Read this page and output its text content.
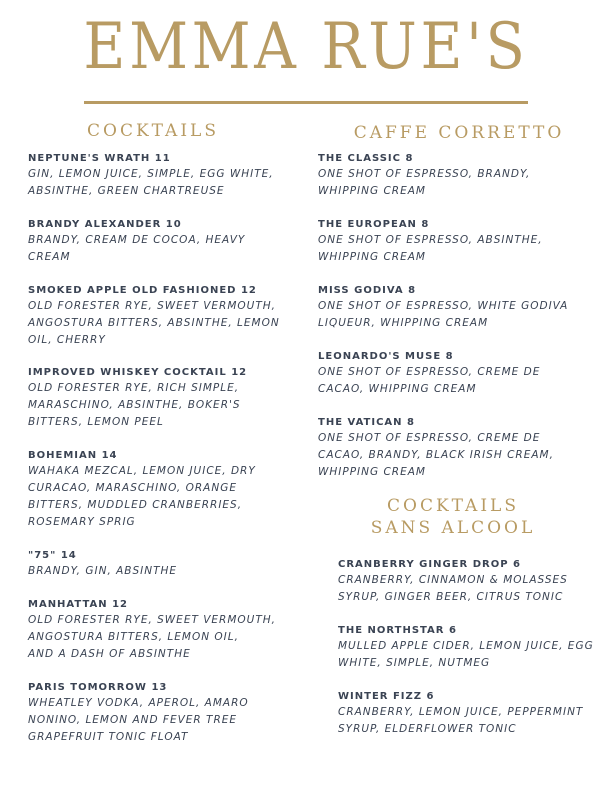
EMMA RUE'S
COCKTAILS
NEPTUNE'S WRATH 11
GIN, LEMON JUICE, SIMPLE, EGG WHITE,
ABSINTHE, GREEN CHARTREUSE
BRANDY ALEXANDER 10
BRANDY, CREAM DE COCOA, HEAVY
CREAM
SMOKED APPLE OLD FASHIONED 12
OLD FORESTER RYE, SWEET VERMOUTH,
ANGOSTURA BITTERS, ABSINTHE, LEMON
OIL, CHERRY
IMPROVED WHISKEY COCKTAIL 12
OLD FORESTER RYE, RICH SIMPLE,
MARASCHINO, ABSINTHE, BOKER'S
BITTERS, LEMON PEEL
BOHEMIAN 14
WAHAKA MEZCAL, LEMON JUICE, DRY
CURACAO, MARASCHINO, ORANGE
BITTERS, MUDDLED CRANBERRIES,
ROSEMARY SPRIG
"75" 14
BRANDY, GIN, ABSINTHE
MANHATTAN 12
OLD FORESTER RYE, SWEET VERMOUTH,
ANGOSTURA BITTERS, LEMON OIL,
AND A DASH OF ABSINTHE
PARIS TOMORROW 13
WHEATLEY VODKA, APEROL, AMARO
NONINO, LEMON AND FEVER TREE
GRAPEFRUIT TONIC FLOAT
CAFFE CORRETTO
THE CLASSIC 8
ONE SHOT OF ESPRESSO, BRANDY,
WHIPPING CREAM
THE EUROPEAN 8
ONE SHOT OF ESPRESSO, ABSINTHE,
WHIPPING CREAM
MISS GODIVA 8
ONE SHOT OF ESPRESSO, WHITE GODIVA
LIQUEUR, WHIPPING CREAM
LEONARDO'S MUSE 8
ONE SHOT OF ESPRESSO, CREME DE
CACAO, WHIPPING CREAM
THE VATICAN 8
ONE SHOT OF ESPRESSO, CREME DE
CACAO, BRANDY, BLACK IRISH CREAM,
WHIPPING CREAM
COCKTAILS
SANS ALCOOL
CRANBERRY GINGER DROP 6
CRANBERRY, CINNAMON & MOLASSES
SYRUP, GINGER BEER, CITRUS TONIC
THE NORTHSTAR 6
MULLED APPLE CIDER, LEMON JUICE, EGG
WHITE, SIMPLE, NUTMEG
WINTER FIZZ 6
CRANBERRY, LEMON JUICE, PEPPERMINT
SYRUP, ELDERFLOWER TONIC
